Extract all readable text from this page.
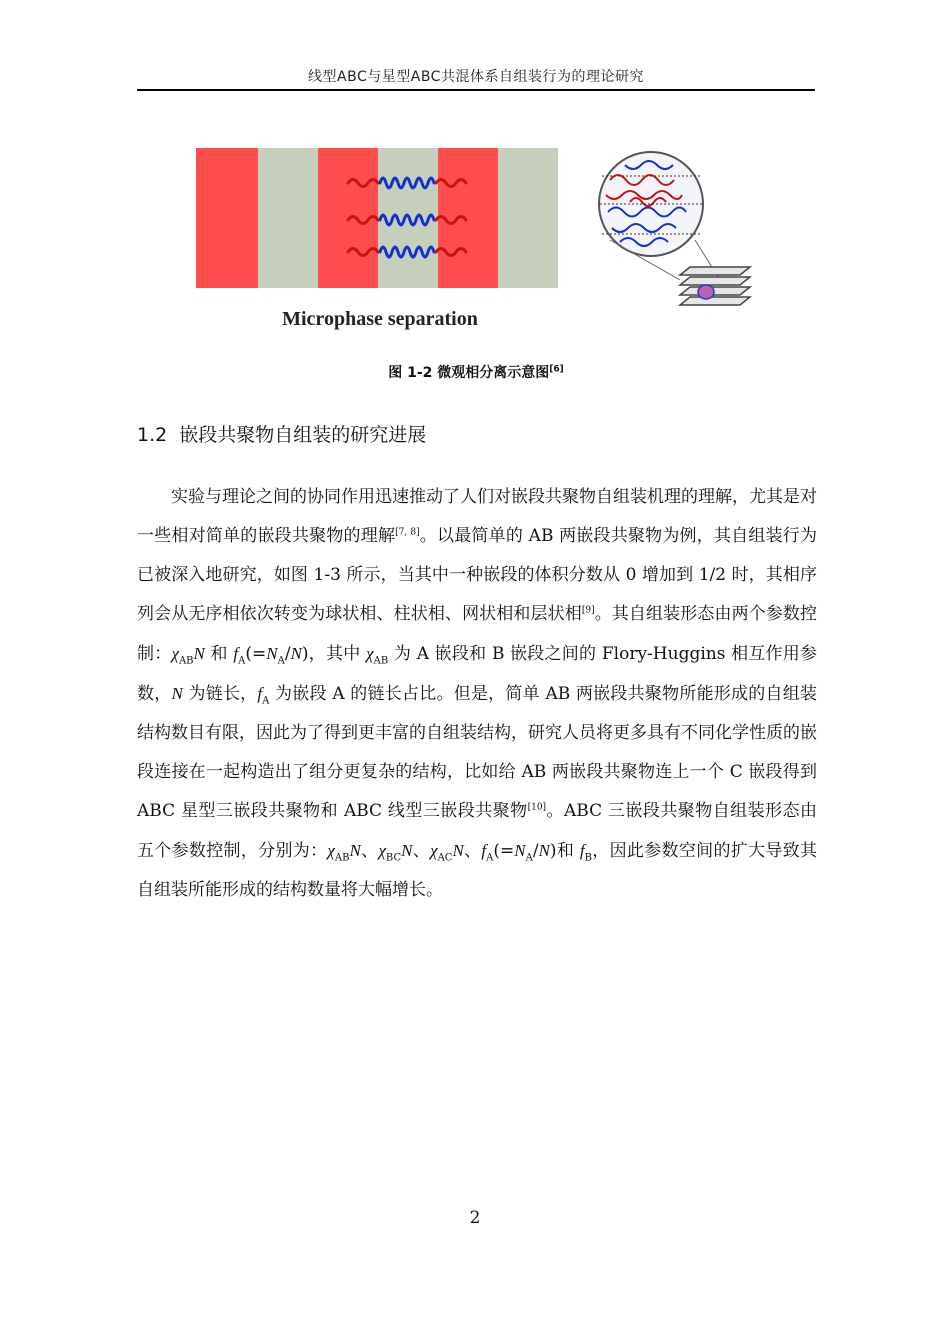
线型ABC与星型ABC共混体系自组装行为的理论研究
Microphase separation
图 1-2 微观相分离示意图[6]
1.2 嵌段共聚物自组装的研究进展

实验与理论之间的协同作用迅速推动了人们对嵌段共聚物自组装机理的理解，尤其是对一些相对简单的嵌段共聚物的理解[7, 8]。以最简单的 AB 两嵌段共聚物为例，其自组装行为已被深入地研究，如图 1-3 所示，当其中一种嵌段的体积分数从 0 增加到 1/2 时，其相序列会从无序相依次转变为球状相、柱状相、网状相和层状相[9]。其自组装形态由两个参数控制：$\chi_{AB}N$ 和 $f_A(=N_A/N)$，其中 $\chi_{AB}$ 为 A 嵌段和 B 嵌段之间的 Flory-Huggins 相互作用参数，N 为链长，$f_A$ 为嵌段 A 的链长占比。但是，简单 AB 两嵌段共聚物所能形成的自组装结构数目有限，因此为了得到更丰富的自组装结构，研究人员将更多具有不同化学性质的嵌段连接在一起构造出了组分更复杂的结构，比如给 AB 两嵌段共聚物连上一个 C 嵌段得到 ABC 星型三嵌段共聚物和 ABC 线型三嵌段共聚物[10]。ABC 三嵌段共聚物自组装形态由五个参数控制，分别为：$\chi_{AB}N$、$\chi_{BC}N$、$\chi_{AC}N$、$f_A(=N_A/N)$和 $f_B$，因此参数空间的扩大导致其自组装所能形成的结构数量将大幅增长。

2
